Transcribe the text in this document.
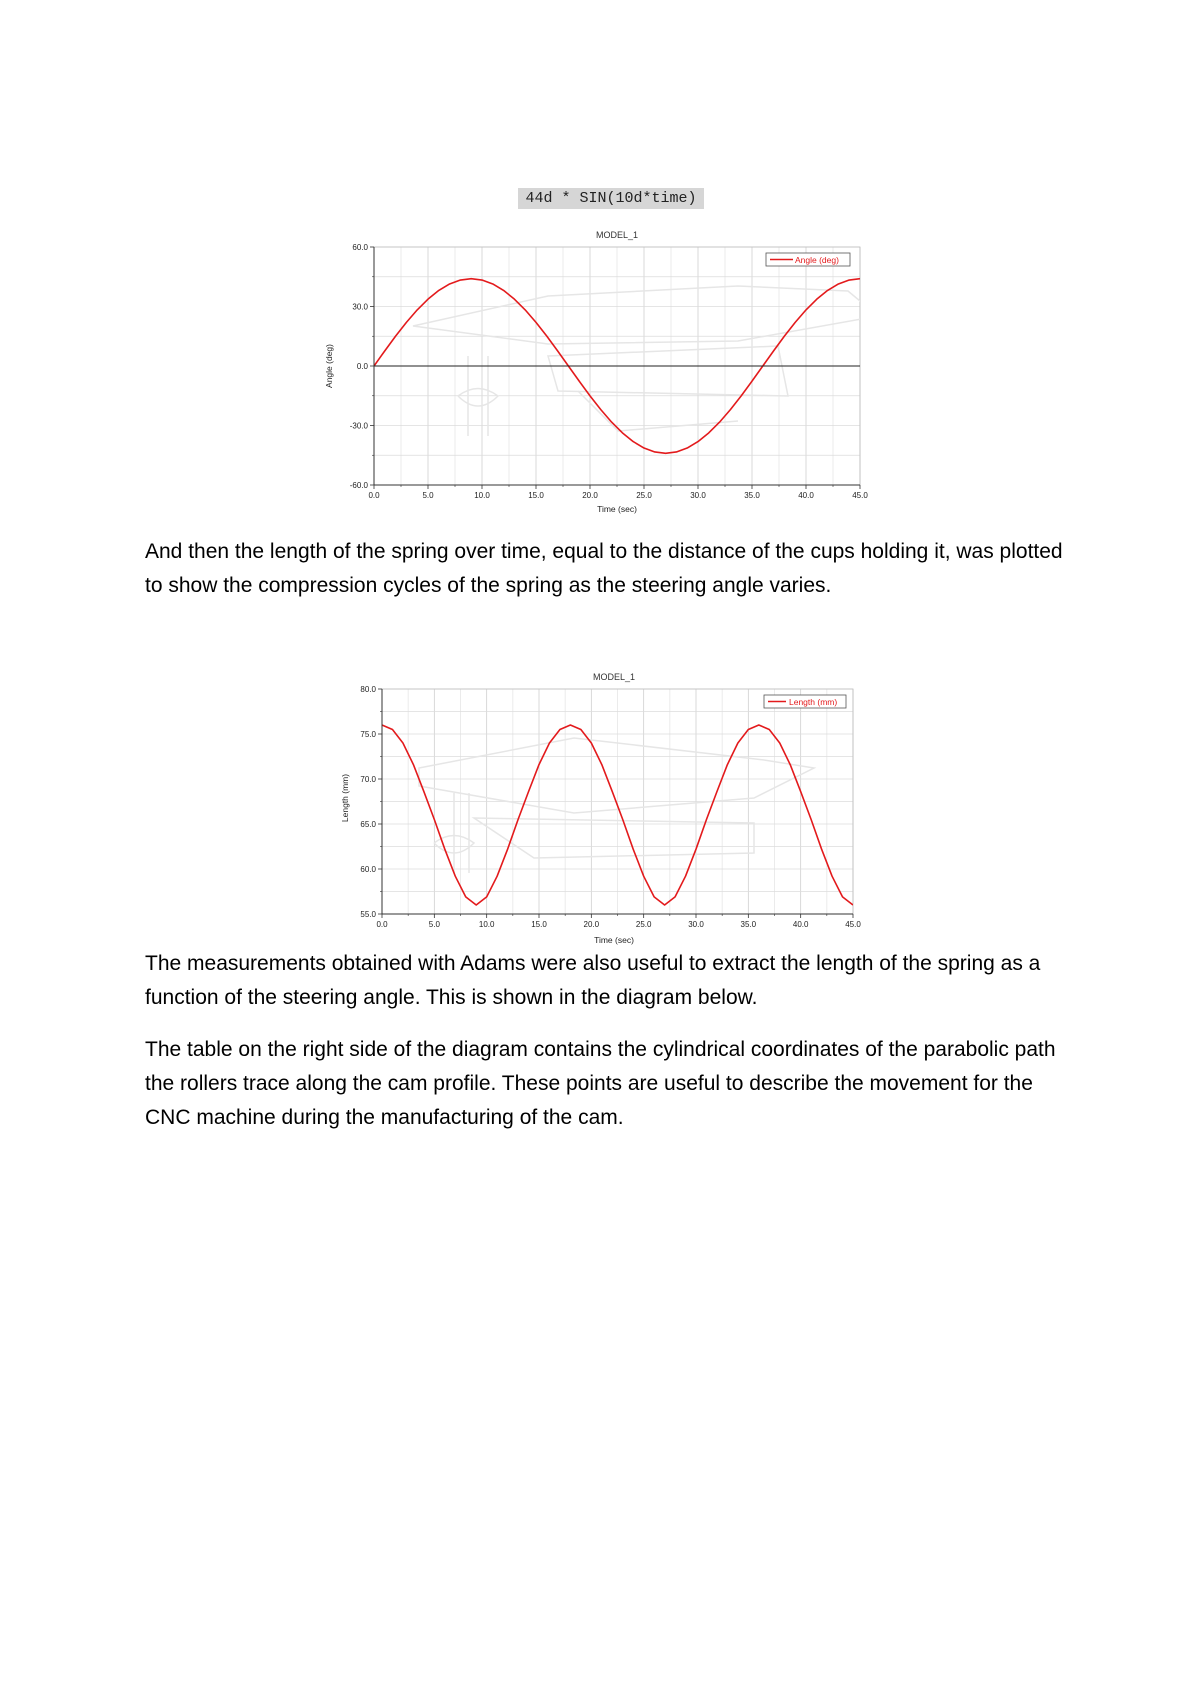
44d * SIN(10d*time)
MODEL_1
0.0	5.0	10.0	15.0	20.0	25.0	30.0	35.0	40.0	45.0
60.0
30.0
0.0
-30.0
-60.0
Angle (deg)
Time (sec)
Angle (deg)
And then the length of the spring over time, equal to the distance of the cups holding it, was plotted to show the compression cycles of the spring as the steering angle varies.
MODEL_1
0.0	5.0	10.0	15.0	20.0	25.0	30.0	35.0	40.0	45.0
80.0
75.0
70.0
65.0
60.0
55.0
Length (mm)
Time (sec)
Length (mm)
The measurements obtained with Adams were also useful to extract the length of the spring as a function of the steering angle. This is shown in the diagram below.
The table on the right side of the diagram contains the cylindrical coordinates of the parabolic path the rollers trace along the cam profile. These points are useful to describe the movement for the CNC machine during the manufacturing of the cam.
